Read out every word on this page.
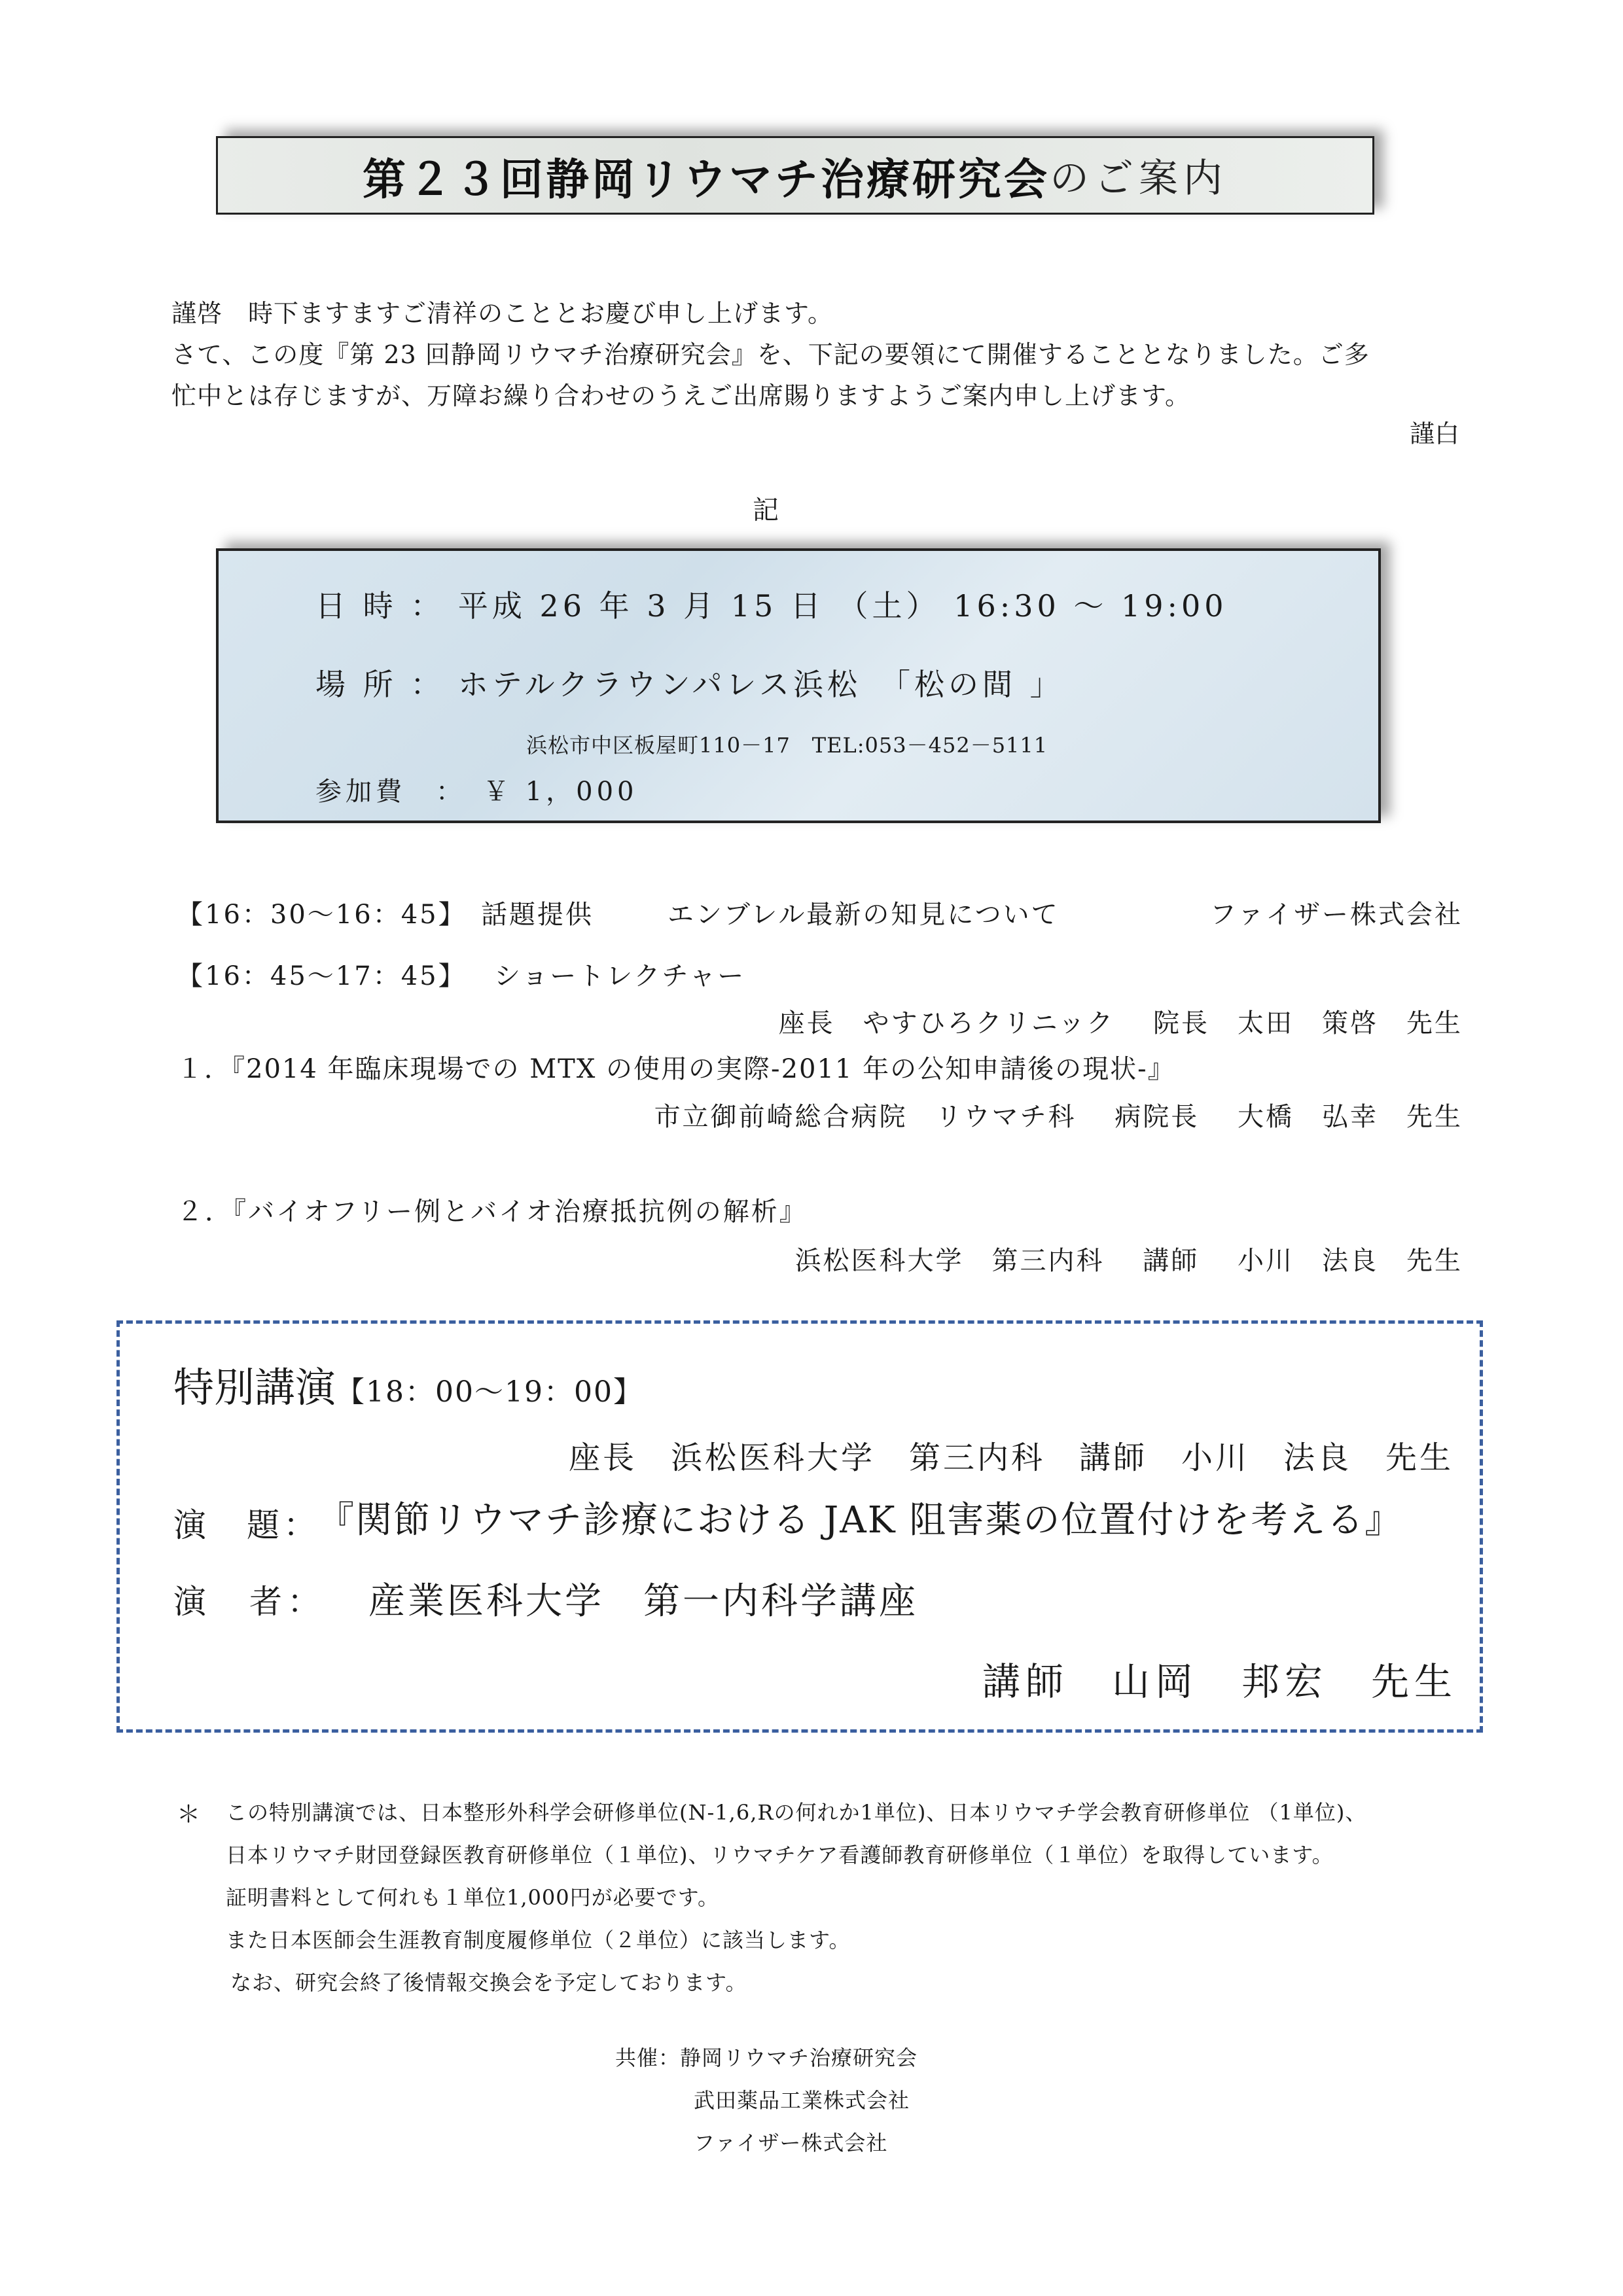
第２３回静岡リウマチ治療研究会 のご案内
謹啓　時下ますますご清祥のこととお慶び申し上げます。
さて、この度『第 23 回静岡リウマチ治療研究会』を、下記の要領にて開催することとなりました。ご多
忙中とは存じますが、万障お繰り合わせのうえご出席賜りますようご案内申し上げます。
謹白
記
日 時 ： 平成 26 年 3 月 15 日 （土） 16:30 ～ 19:00
場 所 ： ホテルクラウンパレス浜松　「松の間 」
浜松市中区板屋町110－17　TEL:053－452－5111
参加費　：　￥ 1，000
【16：30～16：45】 話題提供	エンブレル最新の知見について	ファイザー株式会社
【16：45～17：45】 ショートレクチャー
座長　やすひろクリニック　 院長　太田　策啓　先生
１．『2014 年臨床現場での MTX の使用の実際-2011 年の公知申請後の現状-』
市立御前崎総合病院　リウマチ科　 病院長　 大橋　弘幸　先生
２．『バイオフリー例とバイオ治療抵抗例の解析』
浜松医科大学　第三内科　 講師　 小川　法良　先生
特別講演【18：00～19：00】
座長　浜松医科大学　第三内科　講師　小川　法良　先生
演　題：
『関節リウマチ診療における JAK 阻害薬の位置付けを考える』
演　者： 産業医科大学　第一内科学講座
講師　山岡　邦宏　先生
＊ この特別講演では、日本整形外科学会研修単位(N-1,6,Rの何れか1単位)、日本リウマチ学会教育研修単位 （1単位)、
日本リウマチ財団登録医教育研修単位（１単位)、リウマチケア看護師教育研修単位（１単位）を取得しています。
証明書料として何れも１単位1,000円が必要です。
また日本医師会生涯教育制度履修単位（２単位）に該当します。
なお、研究会終了後情報交換会を予定しております。
共催：静岡リウマチ治療研究会
武田薬品工業株式会社
ファイザー株式会社
